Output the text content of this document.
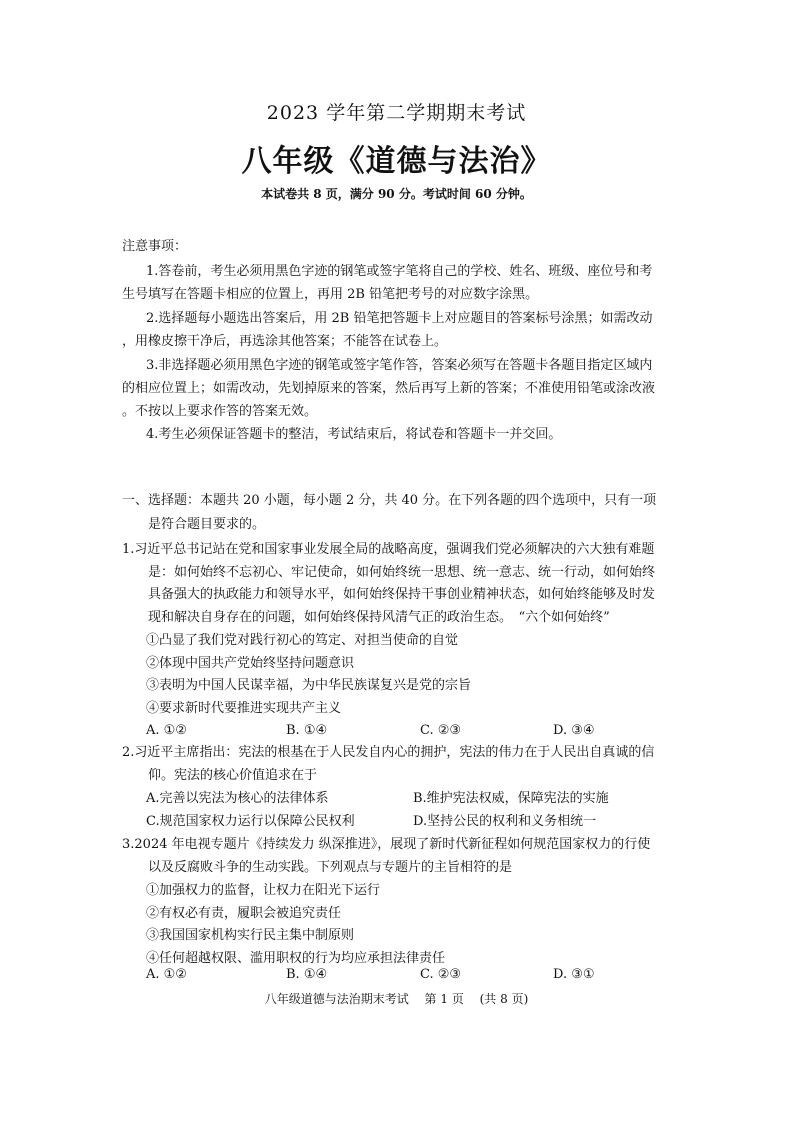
2023 学年第二学期期末考试
八年级《道德与法治》
本试卷共 8 页，满分 90 分。考试时间 60 分钟。
注意事项：
1.答卷前，考生必须用黑色字迹的钢笔或签字笔将自己的学校、姓名、班级、座位号和考
生号填写在答题卡相应的位置上，再用 2B 铅笔把考号的对应数字涂黑。
2.选择题每小题选出答案后，用 2B 铅笔把答题卡上对应题目的答案标号涂黑；如需改动
，用橡皮擦干净后，再选涂其他答案；不能答在试卷上。
3.非选择题必须用黑色字迹的钢笔或签字笔作答，答案必须写在答题卡各题目指定区域内
的相应位置上；如需改动，先划掉原来的答案，然后再写上新的答案；不准使用铅笔或涂改液
。不按以上要求作答的答案无效。
4.考生必须保证答题卡的整洁，考试结束后，将试卷和答题卡一并交回。
一、选择题：本题共 20 小题，每小题 2 分，共 40 分。在下列各题的四个选项中，只有一项
是符合题目要求的。
1.习近平总书记站在党和国家事业发展全局的战略高度，强调我们党必须解决的六大独有难题
是：如何始终不忘初心、牢记使命，如何始终统一思想、统一意志、统一行动，如何始终
具备强大的执政能力和领导水平，如何始终保持干事创业精神状态，如何始终能够及时发
现和解决自身存在的问题，如何始终保持风清气正的政治生态。　“六个如何始终”
①凸显了我们党对践行初心的笃定、对担当使命的自觉
②体现中国共产党始终坚持问题意识
③表明为中国人民谋幸福，为中华民族谋复兴是党的宗旨
④要求新时代要推进实现共产主义
A. ①②	B. ①④	C. ②③	D. ③④
2.习近平主席指出：宪法的根基在于人民发自内心的拥护，宪法的伟力在于人民出自真诚的信
仰。宪法的核心价值追求在于
A.完善以宪法为核心的法律体系	B.维护宪法权威，保障宪法的实施
C.规范国家权力运行以保障公民权利	D.坚持公民的权利和义务相统一
3.2024 年电视专题片《持续发力 纵深推进》，展现了新时代新征程如何规范国家权力的行使
以及反腐败斗争的生动实践。下列观点与专题片的主旨相符的是
①加强权力的监督，让权力在阳光下运行
②有权必有责，履职会被追究责任
③我国国家机构实行民主集中制原则
④任何超越权限、滥用职权的行为均应承担法律责任
A. ①②	B. ①④	C. ②③	D. ③①
八年级道德与法治期末考试　 第 1 页　 (共 8 页)
